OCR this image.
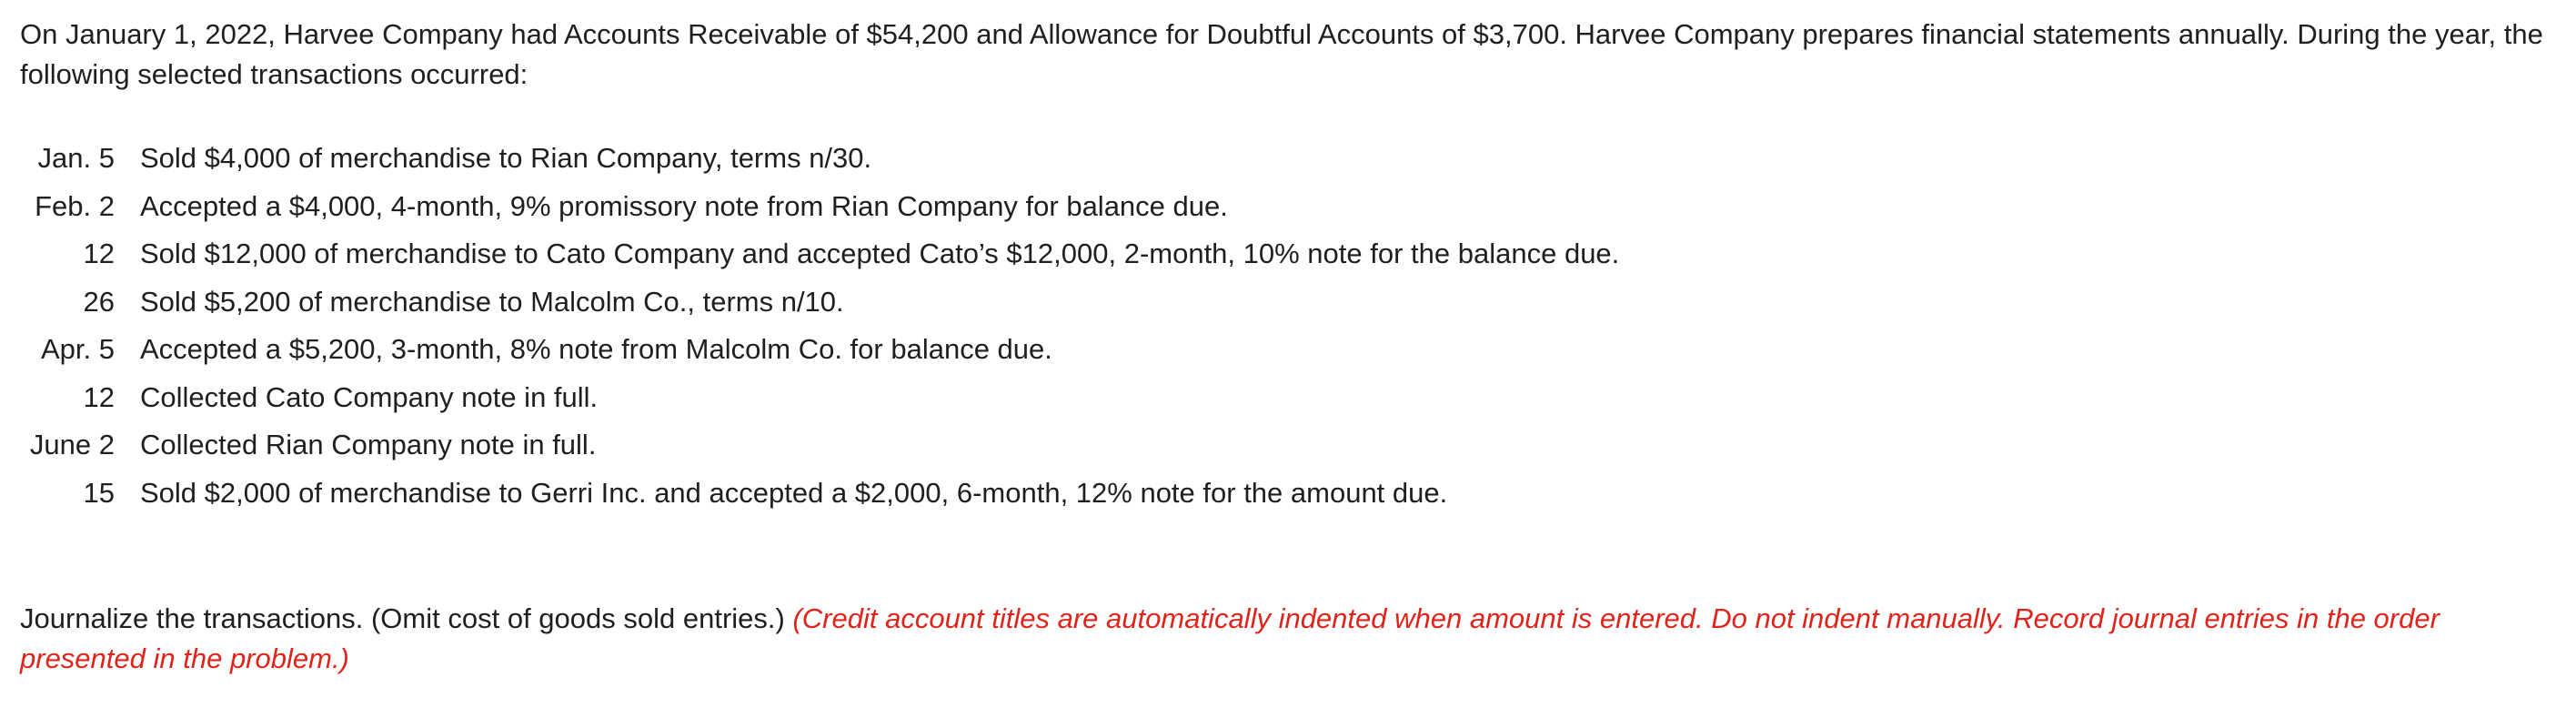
On January 1, 2022, Harvee Company had Accounts Receivable of $54,200 and Allowance for Doubtful Accounts of $3,700. Harvee Company prepares financial statements annually. During the year, the following selected transactions occurred:

Jan. 5	Sold $4,000 of merchandise to Rian Company, terms n/30.
Feb. 2	Accepted a $4,000, 4-month, 9% promissory note from Rian Company for balance due.
12	Sold $12,000 of merchandise to Cato Company and accepted Cato’s $12,000, 2-month, 10% note for the balance due.
26	Sold $5,200 of merchandise to Malcolm Co., terms n/10.
Apr. 5	Accepted a $5,200, 3-month, 8% note from Malcolm Co. for balance due.
12	Collected Cato Company note in full.
June 2	Collected Rian Company note in full.
15	Sold $2,000 of merchandise to Gerri Inc. and accepted a $2,000, 6-month, 12% note for the amount due.

Journalize the transactions. (Omit cost of goods sold entries.) (Credit account titles are automatically indented when amount is entered. Do not indent manually. Record journal entries in the order presented in the problem.)
